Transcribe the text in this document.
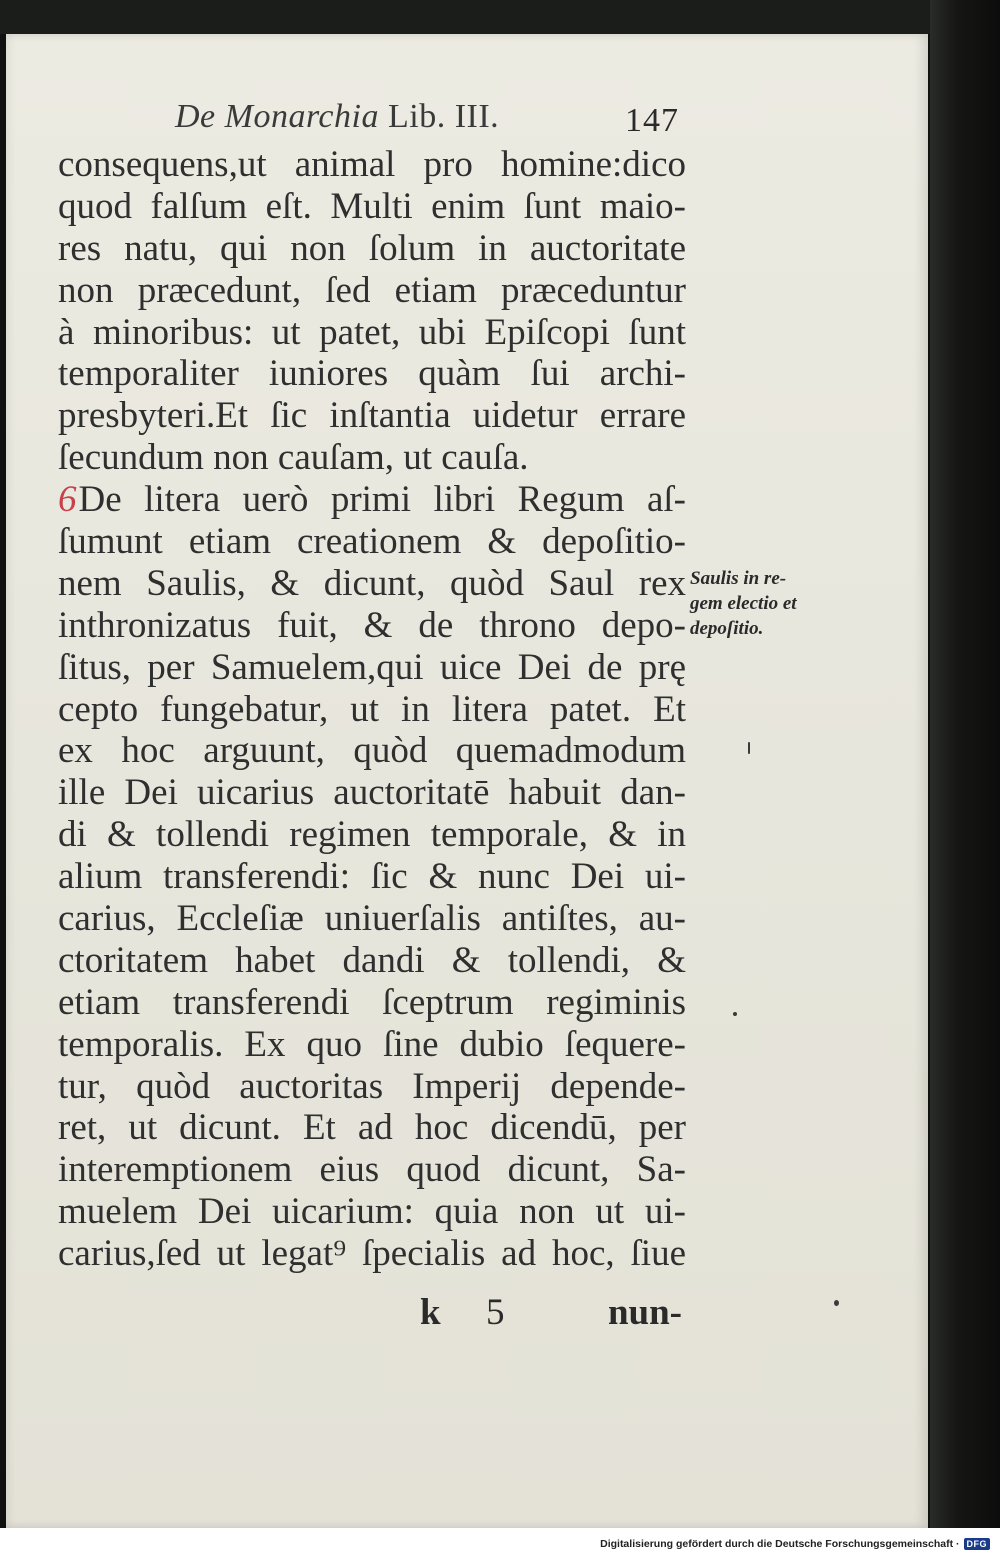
De Monarchia Lib. III.	147
consequens,ut animal pro homine:dico
quod falſum eſt. Multi enim ſunt maio-
res natu, qui non ſolum in auctoritate
non præcedunt, ſed etiam præceduntur
à minoribus: ut patet, ubi Epiſcopi ſunt
temporaliter iuniores quàm ſui archi-
presbyteri.Et ſic inſtantia uidetur errare
ſecundum non cauſam, ut cauſa.
6De litera uerò primi libri Regum aſ-
ſumunt etiam creationem & depoſitio-
nem Saulis, & dicunt, quòd Saul rex
inthronizatus fuit, & de throno depo-
ſitus, per Samuelem,qui uice Dei de prę
cepto fungebatur, ut in litera patet. Et
ex hoc arguunt, quòd quemadmodum
ille Dei uicarius auctoritatē habuit dan-
di & tollendi regimen temporale, & in
alium transferendi: ſic & nunc Dei ui-
carius, Eccleſiæ uniuerſalis antiſtes, au-
ctoritatem habet dandi & tollendi, &
etiam transferendi ſceptrum regiminis
temporalis. Ex quo ſine dubio ſequere-
tur, quòd auctoritas Imperij depende-
ret, ut dicunt. Et ad hoc dicendū, per
interemptionem eius quod dicunt, Sa-
muelem Dei uicarium: quia non ut ui-
carius,ſed ut legat⁹ ſpecialis ad hoc, ſiue
Saulis in re-
gem electio et
depoſitio.
k 5	nun-
Digitalisierung gefördert durch die Deutsche Forschungsgemeinschaft · DFG
